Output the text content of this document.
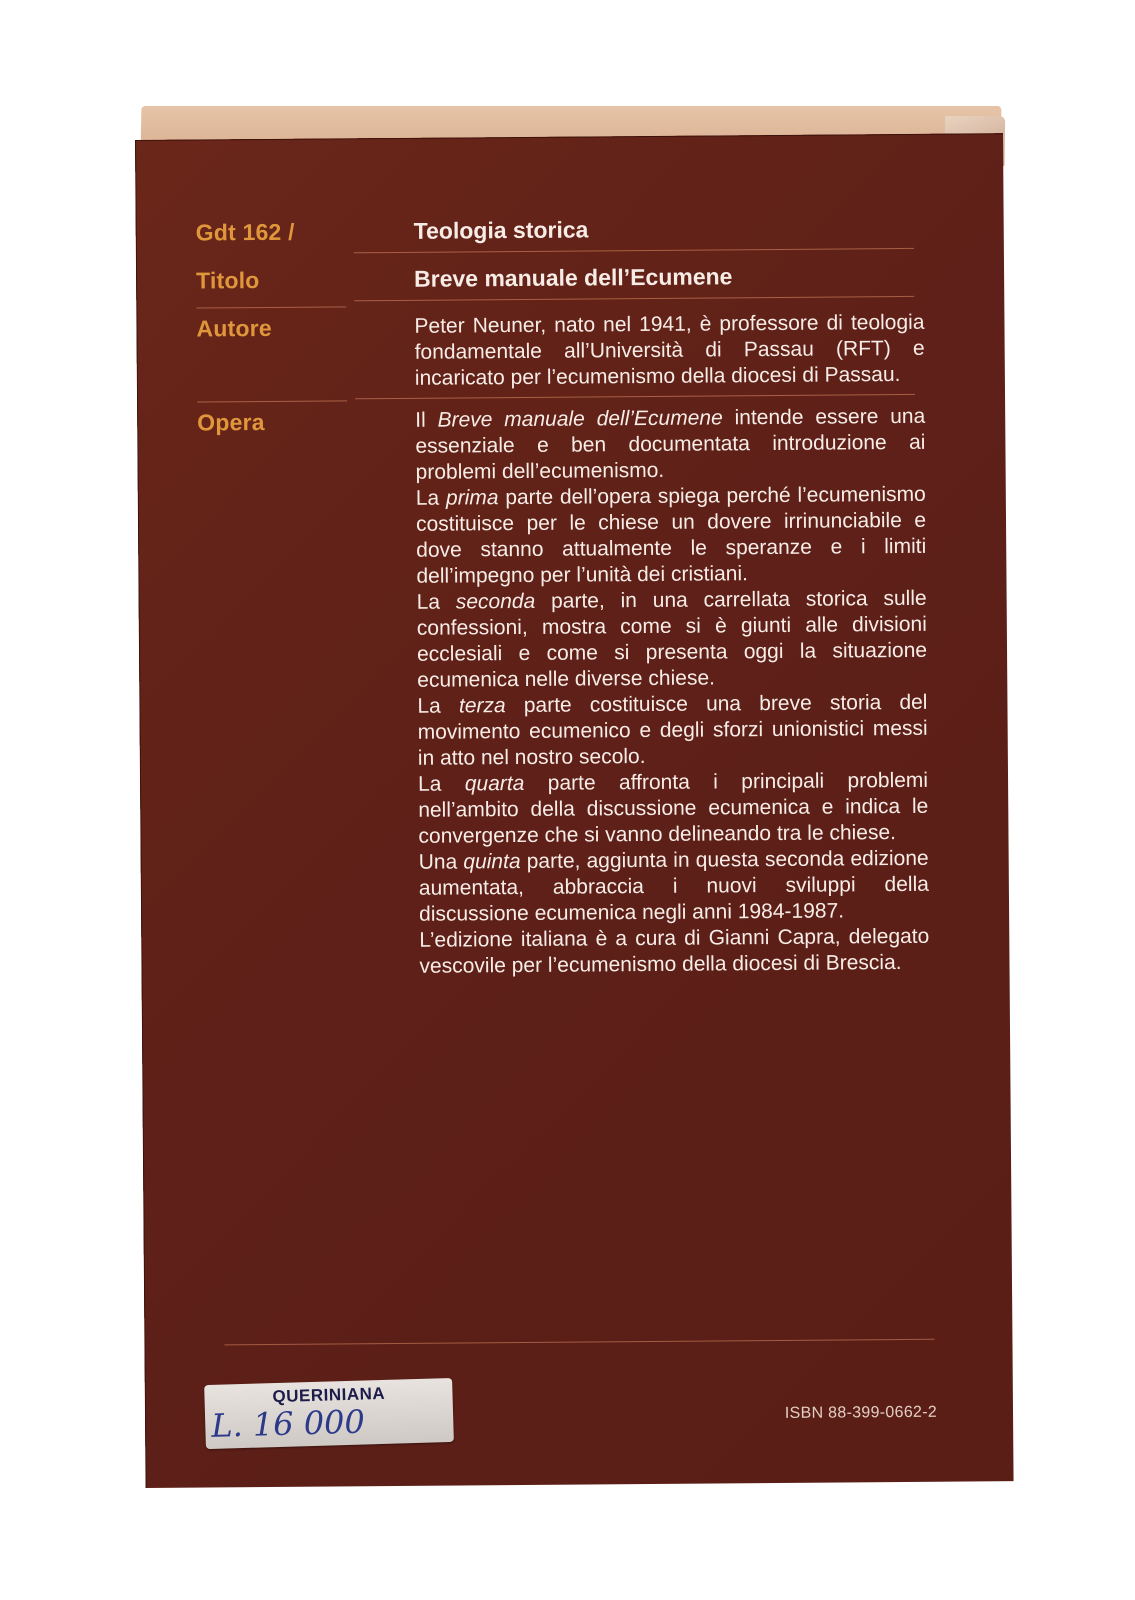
Gdt 162 /	Teologia storica
Titolo	Breve manuale dell’Ecumene
Autore	Peter Neuner, nato nel 1941, è professore di teologia fondamentale all’Università di Passau (RFT) e incaricato per l’ecumenismo della diocesi di Passau.

Opera	Il Breve manuale dell’Ecumene intende essere una essenziale e ben documentata introduzione ai problemi dell’ecumenismo.

La prima parte dell’opera spiega perché l’ecumenismo costituisce per le chiese un dovere irrinunciabile e dove stanno attualmente le speranze e i limiti dell’impegno per l’unità dei cristiani.

La seconda parte, in una carrellata storica sulle confessioni, mostra come si è giunti alle divisioni ecclesiali e come si presenta oggi la situazione ecumenica nelle diverse chiese.

La terza parte costituisce una breve storia del movimento ecumenico e degli sforzi unionistici messi in atto nel nostro secolo.

La quarta parte affronta i principali problemi nell’ambito della discussione ecumenica e indica le convergenze che si vanno delineando tra le chiese.

Una quinta parte, aggiunta in questa seconda edizione aumentata, abbraccia i nuovi sviluppi della discussione ecumenica negli anni 1984-1987.

L’edizione italiana è a cura di Gianni Capra, delegato vescovile per l’ecumenismo della diocesi di Brescia.

QUERINIANA
L. 16 000	ISBN 88-399-0662-2
